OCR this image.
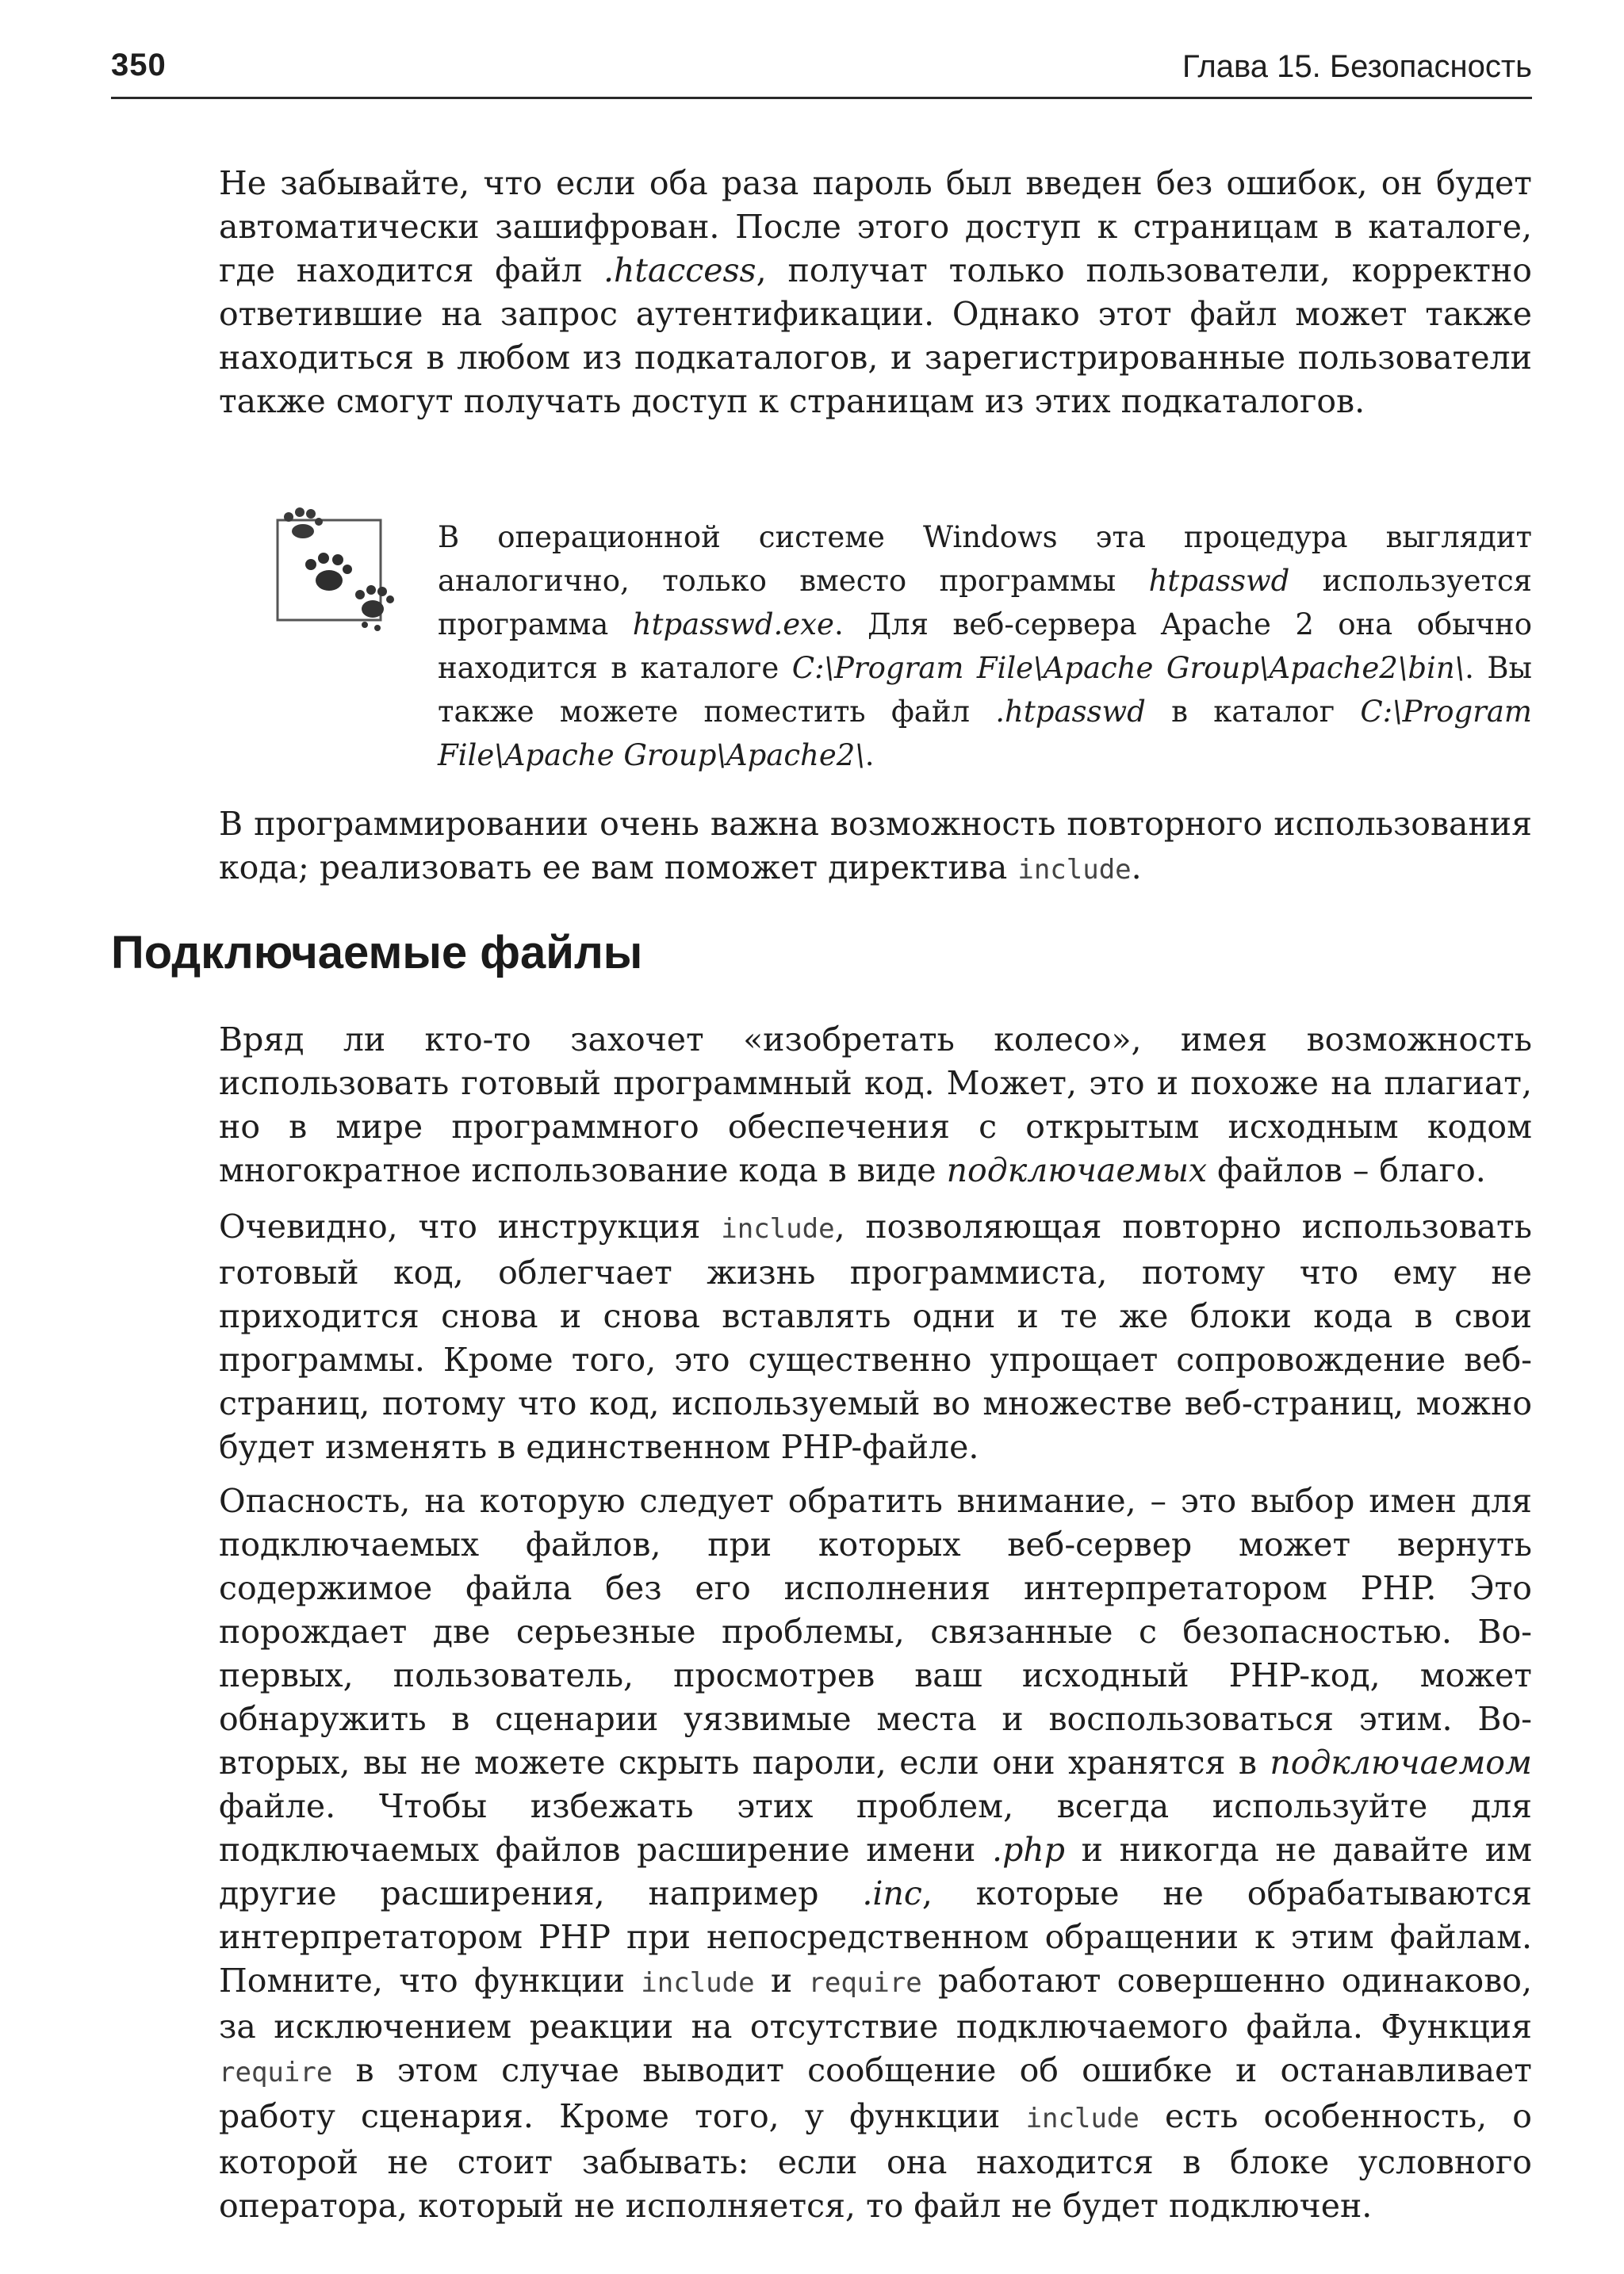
350	Глава 15. Безопасность

Не забывайте, что если оба раза пароль был введен без ошибок, он будет автоматически зашифрован. После этого доступ к страницам в каталоге, где находится файл .htaccess, получат только пользователи, корректно ответившие на запрос аутентификации. Однако этот файл может также находиться в любом из подкаталогов, и зарегистрированные пользователи также смогут получать доступ к страницам из этих подкаталогов.

В операционной системе Windows эта процедура выглядит аналогично, только вместо программы htpasswd используется программа htpasswd.exe. Для веб-сервера Apache 2 она обычно находится в каталоге C:\Program File\Apache Group\Apache2\bin\. Вы также можете поместить файл .htpasswd в каталог C:\Program File\Apache Group\Apache2\.

В программировании очень важна возможность повторного использования кода; реализовать ее вам поможет директива include.

Подключаемые файлы

Вряд ли кто-то захочет «изобретать колесо», имея возможность использовать готовый программный код. Может, это и похоже на плагиат, но в мире программного обеспечения с открытым исходным кодом многократное использование кода в виде подключаемых файлов – благо.

Очевидно, что инструкция include, позволяющая повторно использовать готовый код, облегчает жизнь программиста, потому что ему не приходится снова и снова вставлять одни и те же блоки кода в свои программы. Кроме того, это существенно упрощает сопровождение веб-страниц, потому что код, используемый во множестве веб-страниц, можно будет изменять в единственном PHP-файле.

Опасность, на которую следует обратить внимание, – это выбор имен для подключаемых файлов, при которых веб-сервер может вернуть содержимое файла без его исполнения интерпретатором PHP. Это порождает две серьезные проблемы, связанные с безопасностью. Во-первых, пользователь, просмотрев ваш исходный PHP-код, может обнаружить в сценарии уязвимые места и воспользоваться этим. Во-вторых, вы не можете скрыть пароли, если они хранятся в подключаемом файле. Чтобы избежать этих проблем, всегда используйте для подключаемых файлов расширение имени .php и никогда не давайте им другие расширения, например .inc, которые не обрабатываются интерпретатором PHP при непосредственном обращении к этим файлам. Помните, что функции include и require работают совершенно одинаково, за исключением реакции на отсутствие подключаемого файла. Функция require в этом случае выводит сообщение об ошибке и останавливает работу сценария. Кроме того, у функции include есть особенность, о которой не стоит забывать: если она находится в блоке условного оператора, который не исполняется, то файл не будет подключен.
